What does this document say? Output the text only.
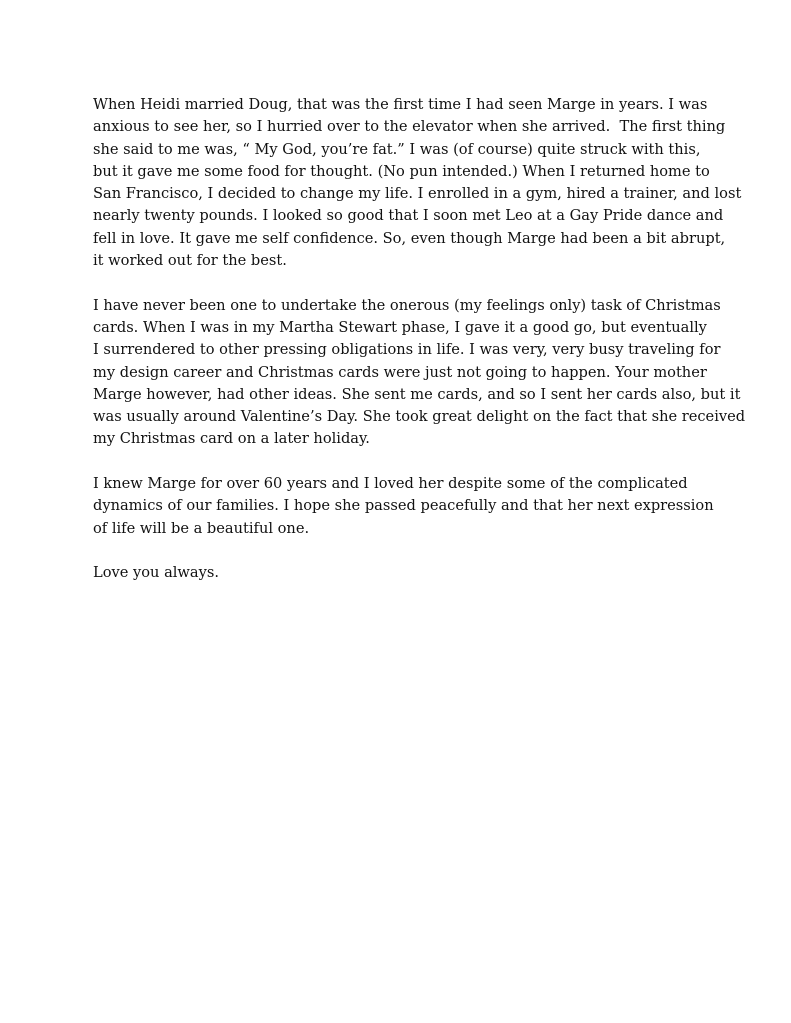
When Heidi married Doug, that was the first time I had seen Marge in years. I was
anxious to see her, so I hurried over to the elevator when she arrived.  The first thing
she said to me was, “ My God, you’re fat.” I was (of course) quite struck with this,
but it gave me some food for thought. (No pun intended.) When I returned home to
San Francisco, I decided to change my life. I enrolled in a gym, hired a trainer, and lost
nearly twenty pounds. I looked so good that I soon met Leo at a Gay Pride dance and
fell in love. It gave me self confidence. So, even though Marge had been a bit abrupt,
it worked out for the best.

I have never been one to undertake the onerous (my feelings only) task of Christmas
cards. When I was in my Martha Stewart phase, I gave it a good go, but eventually
I surrendered to other pressing obligations in life. I was very, very busy traveling for
my design career and Christmas cards were just not going to happen. Your mother
Marge however, had other ideas. She sent me cards, and so I sent her cards also, but it
was usually around Valentine’s Day. She took great delight on the fact that she received
my Christmas card on a later holiday.

I knew Marge for over 60 years and I loved her despite some of the complicated
dynamics of our families. I hope she passed peacefully and that her next expression
of life will be a beautiful one.

Love you always.
